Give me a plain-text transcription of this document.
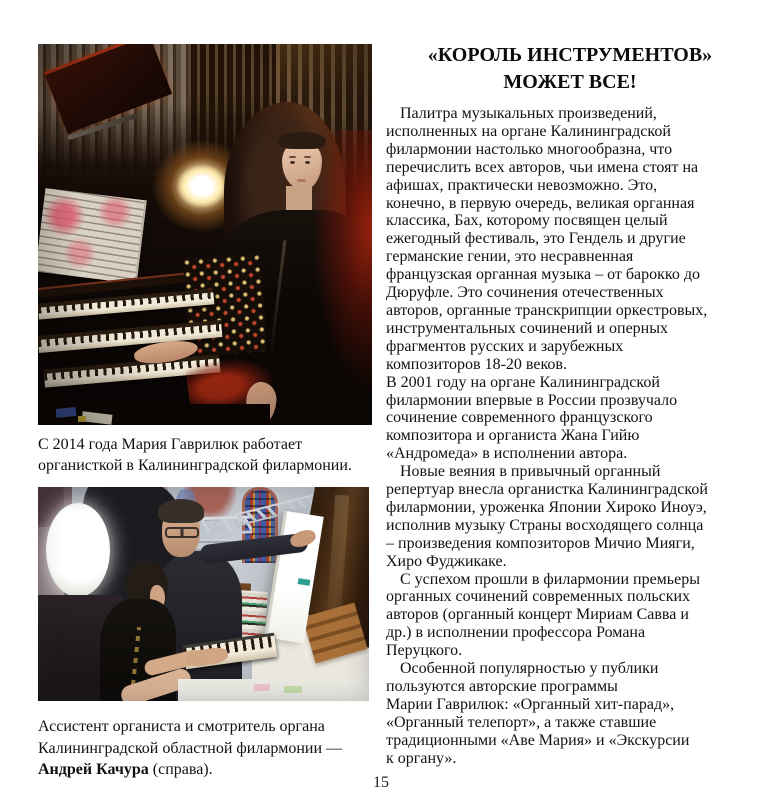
С 2014 года Мария Гаврилюк работает
органисткой в Калининградской филармонии.

Ассистент органиста и смотритель органа
Калининградской областной филармонии —
Андрей Качура (справа).

«КОРОЛЬ ИНСТРУМЕНТОВ»
МОЖЕТ ВСЕ!

Палитра музыкальных произведений,
исполненных на органе Калининградской
филармонии настолько многообразна, что
перечислить всех авторов, чьи имена стоят на
афишах, практически невозможно. Это,
конечно, в первую очередь, великая органная
классика, Бах, которому посвящен целый
ежегодный фестиваль, это Гендель и другие
германские гении, это несравненная
французская органная музыка – от барокко до
Дюруфле. Это сочинения отечественных
авторов, органные транскрипции оркестровых,
инструментальных сочинений и оперных
фрагментов русских и зарубежных
композиторов 18-20 веков.

В 2001 году на органе Калининградской
филармонии впервые в России прозвучало
сочинение современного французского
композитора и органиста Жана Гийю
«Андромеда» в исполнении автора.

Новые веяния в привычный органный
репертуар внесла органистка Калининградской
филармонии, уроженка Японии Хироко Иноуэ,
исполнив музыку Страны восходящего солнца
– произведения композиторов Мичио Мияги,
Хиро Фуджикаке.

С успехом прошли в филармонии премьеры
органных сочинений современных польских
авторов (органный концерт Мириам Савва и
др.) в исполнении профессора Романа
Перуцкого.

Особенной популярностью у публики
пользуются авторские программы
Марии Гаврилюк: «Органный хит-парад»,
«Органный телепорт», а также ставшие
традиционными «Аве Мария» и «Экскурсии
к органу».

15
